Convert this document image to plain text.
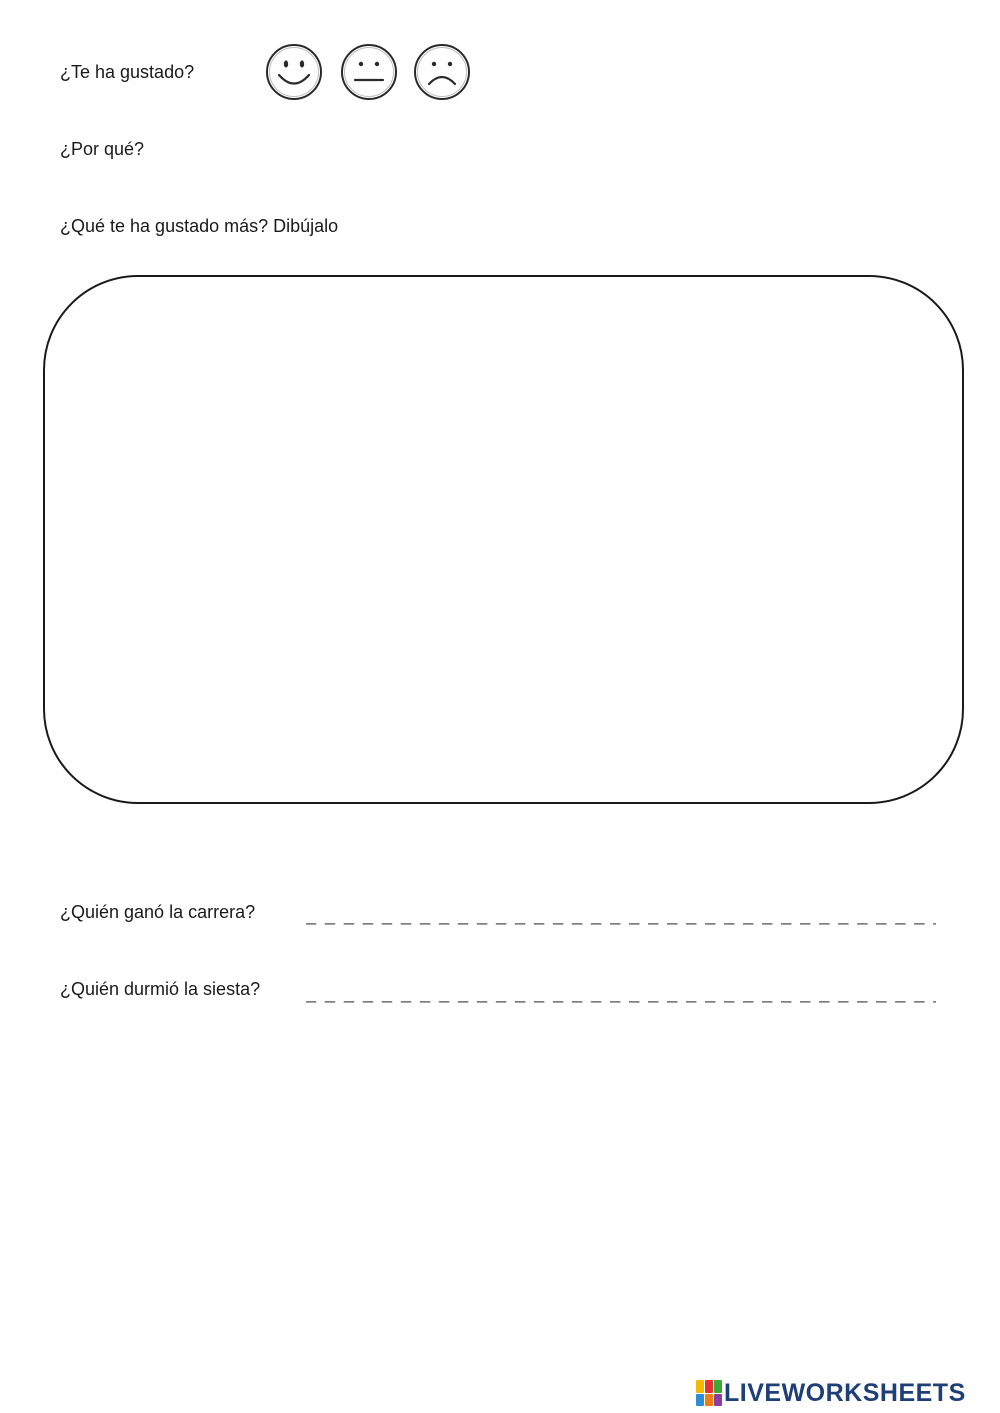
¿Te ha gustado?
¿Por qué?
¿Qué te ha gustado más? Dibújalo
¿Quién ganó la carrera?
_ _ _ _ _ _ _ _ _ _ _ _ _ _ _ _ _ _ _ _ _ _ _ _ _ _ _ _ _ _ _ _ _ _ _ _ _ _ _ _
¿Quién durmió la siesta?
_ _ _ _ _ _ _ _ _ _ _ _ _ _ _ _ _ _ _ _ _ _ _ _ _ _ _ _ _ _ _ _ _ _ _ _ _ _ _ _
LIVEWORKSHEETS
